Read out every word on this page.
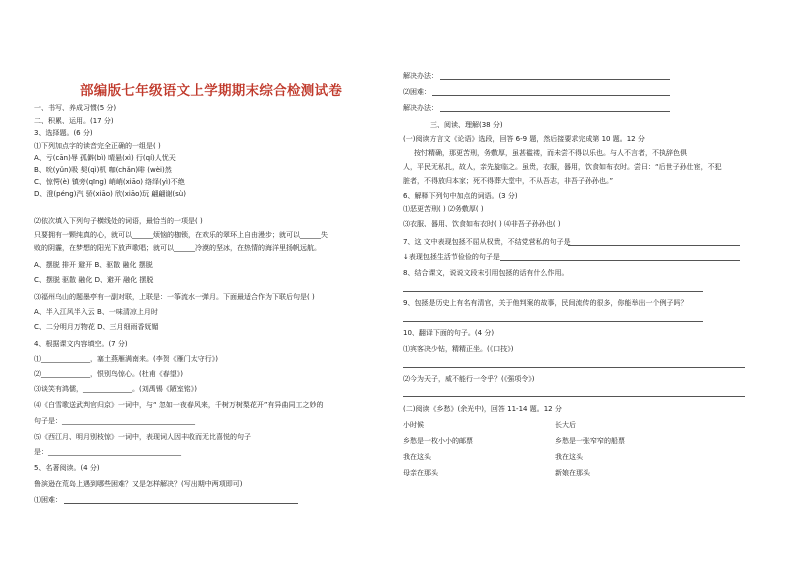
部编版七年级语文上学期期末综合检测试卷
一、书写、养成习惯(5 分)
二、积累、运用。(17 分)
3、选择题。(6 分)
⑴下列加点字的读音完全正确的一组是( )
A、亏(cān)辱 孤僻(bì) 晴悬(xì) 行(qí)人忧天
B、吮(yǔn)吸 契(qì)机 咖(chǎn)啡 (wèi)然
C、惊愕(è) 镇旁(qīng) 峭峭(xiāo) 络绎(yì)不绝
D、澄(péng)汽 骄(xiāo) 欣(xiāo)玩 翩翩谢(sù)
⑵依次填入下列句子横线处的词语，最恰当的一项是( )
只要拥有一颗纯真的心，就可以______烦恼的枷锁，在欢乐的翠环上自由漫步；就可以______失
败的阴霾，在梦想的阳光下放声歌唱；就可以______冷漠的坚冰，在热情的海洋里扬帆远航。
A、摆脱 排开 避开 B、驱散 融化 摆脱
C、摆脱 驱散 融化 D、避开 融化 摆脱
⑶福州乌山的题墨亭有一副对联，上联是：一筝流水一弹月。下面最适合作为下联后句是( )
A、半入江风半入云 B、一味清凉上月时
C、二分明月万物花 D、三月细雨香妩媚
4、根据课文内容填空。(7 分)
⑴______________，塞土燕雁满南来。(李贺《雁门太守行》)
⑵______________，恨别鸟惊心。(杜甫《春望》)
⑶谈笑有鸿儒，______________。(刘禹锡《陋室铭》)
⑷《白雪歌送武判官归京》一词中，与“ 忽如一夜春风来，千树万树梨花开”有异曲同工之妙的
句子是：______________________________________
⑸《西江月、明月别枝惊》一词中，表现词人因丰收而无比喜悦的句子
是：______________________________________
5、名著阅读。(4 分)
鲁滨逊在荒岛上遇到哪些困难？又是怎样解决？(写出期中两项即可)
⑴困难：
解决办法：
⑵困难：
解决办法：
三、阅读、理解(38 分)
(一)阅读方言文《论语》选段，回答 6-9 题，然后接要求完成第 10 题。12 分
按忖精确，那更苦刑，务敷厚，虽甚褴褛，而未尝不得以乐也。与人不言者，不执辞色俱
人，平民无私扎，故人，亲先旋临之。虽贵，衣服，器用，饮食如布衣时。尝曰：“后世子孙仕宦，不犯
脏者，不得放归本家；死不得葬大堂中，不从吾志，非吾子孙孙也。”
6、解释下列句中加点的词语。(3 分)
⑴恶更苦刑( ) ⑵务敷厚( )
⑶衣服、器用、饮食如布衣时( ) ⑷非吾子孙孙也( )
7、这 文中表现包拯不屈从权贵，不结党营私的句子是
↓表现包拯生活节俭俭的句子是
8、结合课文，说说文段末引用包拯的话有什么作用。
9、包拯是历史上有名有清官，关于他判案的故事，民间流传的很多，你能举出一个例子吗？
10、翻译下面的句子。(4 分)
⑴宾客决少钻，精精正坐。(《口技》)
⑵今为天子，威不能行一令乎？(《强项令》)
(二)阅读《乡愁》(余光中)，回答 11-14 题。12 分
小时候	长大后
乡愁是一枚小小的邮票	乡愁是一张窄窄的船票
我在这头	我在这头
母亲在那头	新娘在那头
